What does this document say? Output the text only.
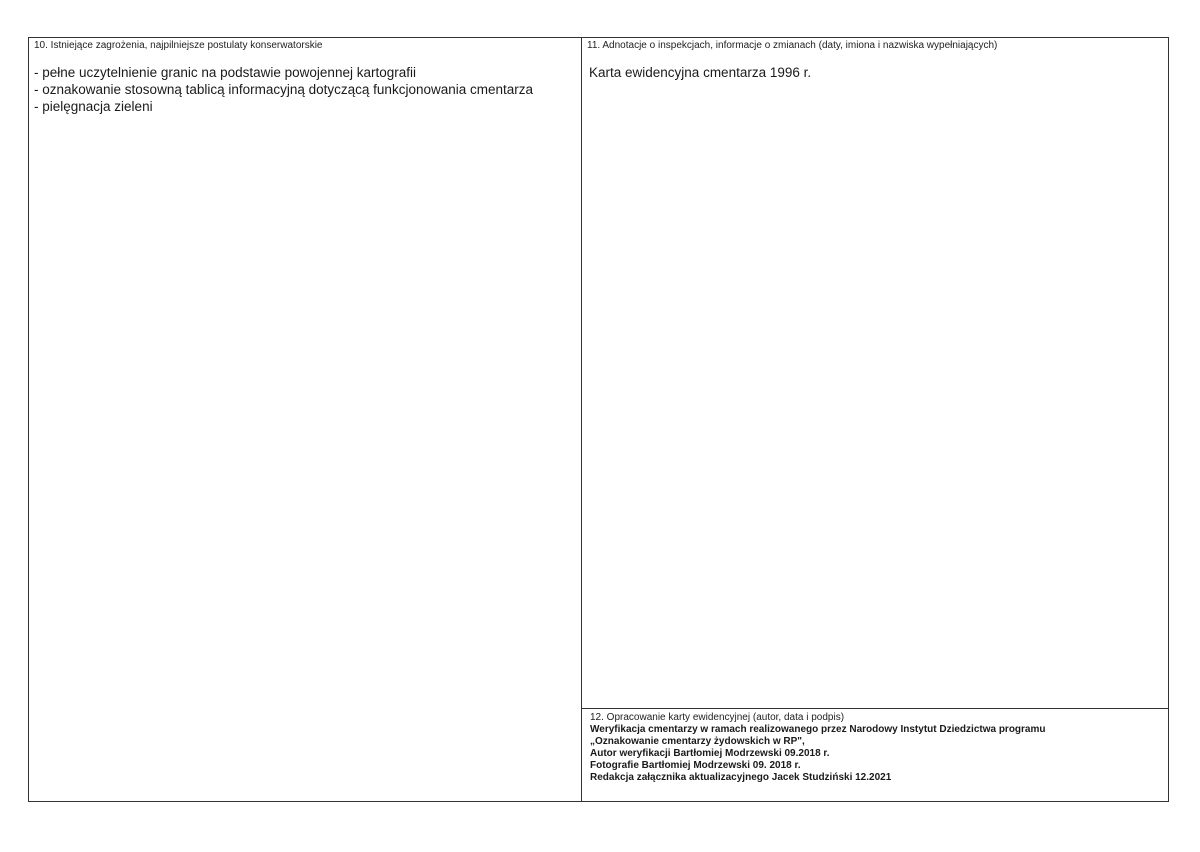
10. Istniejące zagrożenia, najpilniejsze postulaty konserwatorskie
- pełne uczytelnienie granic na podstawie powojennej kartografii
- oznakowanie stosowną tablicą informacyjną dotyczącą funkcjonowania cmentarza
- pielęgnacja zieleni
11. Adnotacje o inspekcjach, informacje o zmianach (daty, imiona i nazwiska wypełniających)
Karta ewidencyjna cmentarza 1996 r.
12. Opracowanie karty ewidencyjnej (autor, data i podpis)
Weryfikacja cmentarzy w ramach realizowanego przez Narodowy Instytut Dziedzictwa programu
„Oznakowanie cmentarzy żydowskich w RP",
Autor weryfikacji Bartłomiej Modrzewski 09.2018 r.
Fotografie Bartłomiej Modrzewski 09. 2018 r.
Redakcja załącznika aktualizacyjnego Jacek Studziński 12.2021
